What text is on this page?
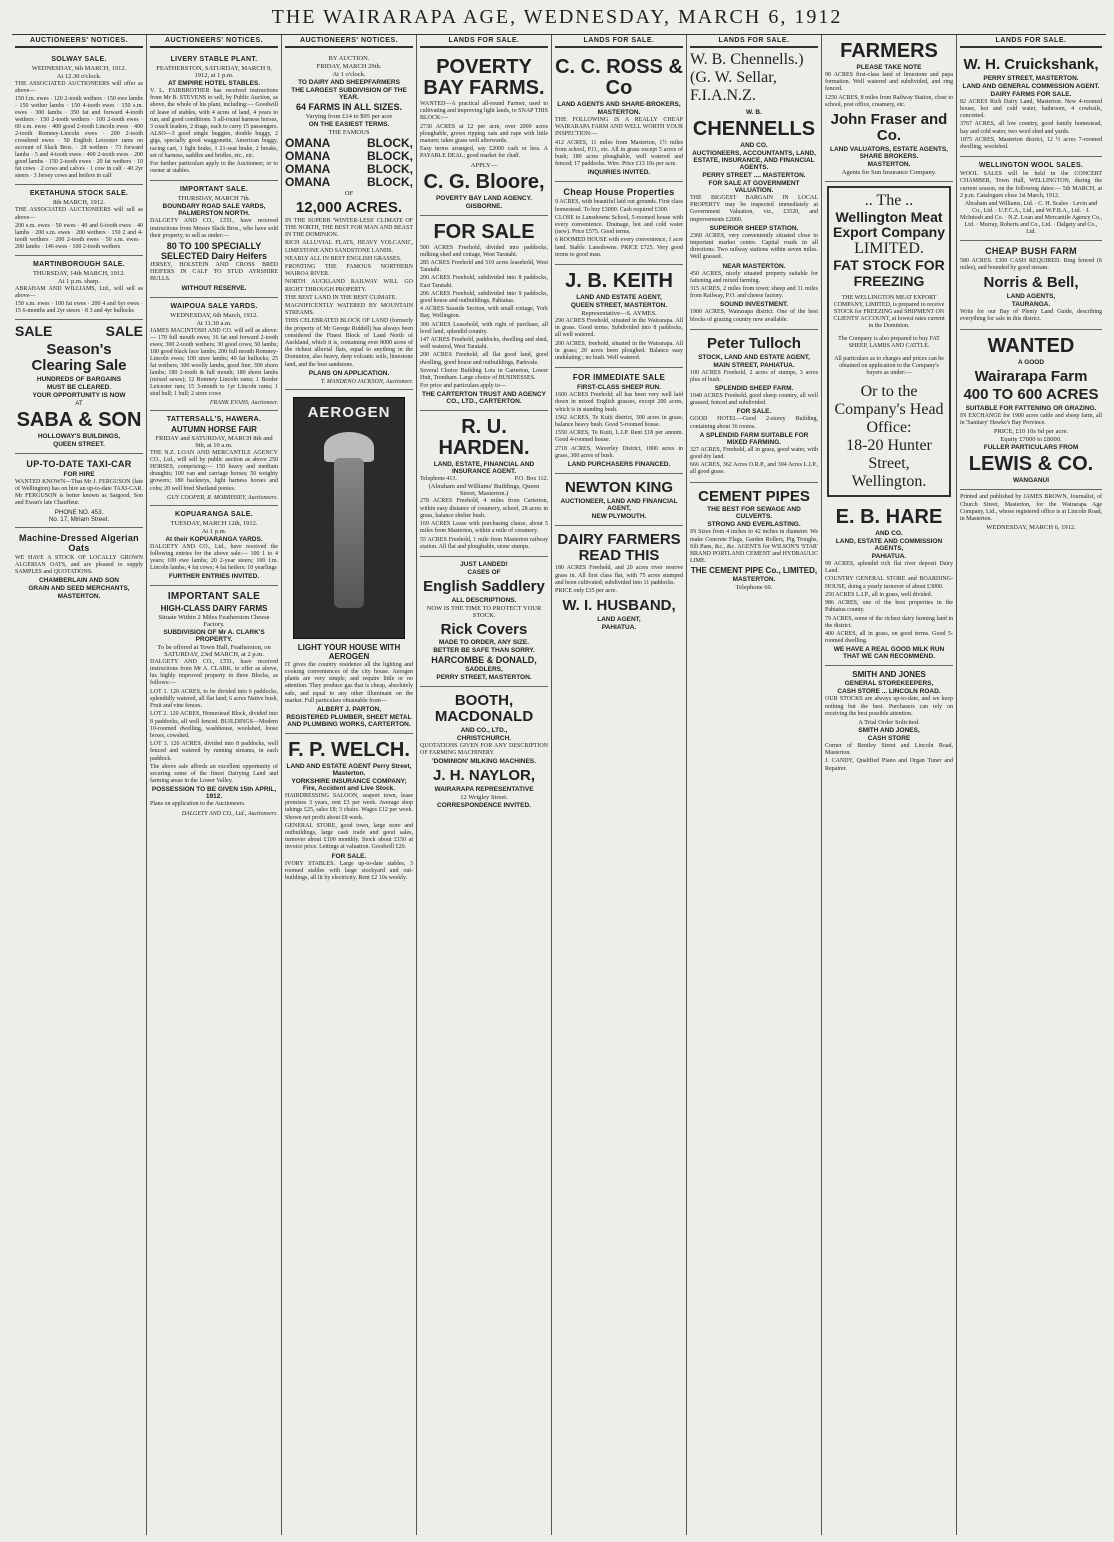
THE WAIRARAPA AGE, WEDNESDAY, MARCH 6, 1912
AUCTIONEERS' NOTICES.
SOLWAY SALE.
WEDNESDAY, 6th MARCH, 1912.
At 12.30 o'clock.

THE ASSOCIATED AUCTIONEERS will offer as above—

150 f.m. ewes · 120 2-tooth wethers · 150 ewe lambs · 150 wether lambs · 150 4-tooth ewes · 150 s.m. ewes · 300 lambs · 350 fat and forward 4-tooth wethers · 150 2-tooth wethers · 100 2-tooth ewes · 60 s.m. ewes · 400 good 2-tooth Lincoln ewes · 400 2-tooth Romney-Lincoln ewes · 200 2-tooth crossbred ewes · 50 English Leicester rams on account of Slack Bros. · 28 wethers · 73 forward lambs · 5 and 4-tooth ewes · 400 2-tooth ewes · 200 good lambs · 150 2-tooth ewes · 20 fat wethers · 10 fat cows · 2 cows and calves · 1 cow in calf · 40 2yr steers · 3 Jersey cows and heifers in calf

EKETAHUNA STOCK SALE.
8th MARCH, 1912.

THE ASSOCIATED AUCTIONEERS will sell as above—

200 s.m. ewes · 50 ewes · 40 and 6-tooth ewes · 40 lambs · 200 s.m. ewes · 200 wethers · 150 2 and 4-tooth wethers · 200 2-tooth ewes · 50 s.m. ewes · 200 lambs · 146 ewes · 100 2-tooth wethers

MARTINBOROUGH SALE.
THURSDAY, 14th MARCH, 1912.
At 1 p.m. sharp.

ABRAHAM AND WILLIAMS, Ltd., will sell as above—

150 s.m. ewes · 100 fat ewes · 200 4 and 6yr ewes · 15 6-months and 2yr steers · 8 3 and 4yr bullocks

SALE	SALE
Season's Clearing Sale
HUNDREDS OF BARGAINS
MUST BE CLEARED.
YOUR OPPORTUNITY IS NOW
AT
SABA & SON
HOLLOWAY'S BUILDINGS,
QUEEN STREET.
UP-TO-DATE TAXI-CAR
FOR HIRE

WANTED KNOWN—That Mr J. FERGUSON (late of Wellington) has on hire an up-to-date TAXI-CAR. Mr FERGUSON is better known as Sargood, Son and Ewan's late Chauffeur.

PHONE NO. 453.
No. 17, Miriam Street.
Machine-Dressed Algerian Oats

WE HAVE A STOCK OF LOCALLY GROWN ALGERIAN OATS, and are pleased to supply SAMPLES and QUOTATIONS.

CHAMBERLAIN AND SON
GRAIN AND SEED MERCHANTS,
MASTERTON.
AUCTIONEERS' NOTICES.
LIVERY STABLE PLANT.
FEATHERSTON, SATURDAY, MARCH 9, 1912, at 1 p.m.
AT EMPIRE HOTEL STABLES.

V. L. FAIRBROTHER has received instructions from Mr B. STEVENS to sell, by Public Auction, as above, the whole of his plant, including:— Goodwill of lease of stables, with 4 acres of land, 4 years to run, and good conditions. 5 all-round harness horses, 3 coach leaders, 2 drags, each to carry 15 passengers. ALSO—3 good single buggies, double buggy, 2 gigs, specially good waggonette, American buggy, racing cart, 1 light brake, 1 21-seat brake, 2 breaks, set of harness, saddles and bridles, etc., etc.

For further particulars apply to the Auctioneer, or to owner at stables.

IMPORTANT SALE.
THURSDAY, MARCH 7th.
BOUNDARY ROAD SALE YARDS, PALMERSTON NORTH.

DALGETY AND CO., LTD., have received instructions from Messrs Slack Bros., who have sold their property, to sell as under:—

80 TO 100 SPECIALLY SELECTED Dairy Heifers

JERSEY, HOLSTEIN AND CROSS BRED HEIFERS IN CALF TO STUD AYRSHIRE BULLS.

WITHOUT RESERVE.
WAIPOUA SALE YARDS.
WEDNESDAY, 6th March, 1912.
At 11.30 a.m.

JAMES MACINTOSH AND CO. will sell as above:— 170 full mouth ewes; 16 fat and forward 2-tooth ewes; 300 2-tooth wethers; 30 good cows; 50 lambs; 180 good black face lambs; 200 full mouth Romney-Lincoln ewes; 100 store lambs; 40 fat bullocks; 25 fat wethers; 300 woolly lambs, good line; 300 shorn lambs; 180 2-tooth & full mouth; 180 shorn lambs (mixed sexes); 12 Romney Lincoln rams; 1 Border Leicester ram; 15 3-month to 1yr Lincoln rams; 1 stud bull; 1 bull; 2 store cows

FRANK EVANS, Auctioneer.
TATTERSALL'S, HAWERA.
AUTUMN HORSE FAIR
FRIDAY and SATURDAY, MARCH 8th and 9th, at 10 a.m.

THE N.Z. LOAN AND MERCANTILE AGENCY CO., Ltd., will sell by public auction as above 250 HORSES, comprising:— 150 heavy and medium draughts; 100 van and carriage horses; 50 weighty growers; 180 hackneys, light harness horses and cobs; 20 well bred Shetland ponies.

GUY COOPER, R. MORRISSEY, Auctioneers.
KOPUARANGA SALE.
TUESDAY, MARCH 12th, 1912.
At 1 p.m.
At their KOPUARANGA YARDS.

DALGETY AND CO., Ltd., have received the following entries for the above sale:— 100 1 to 4 years; 100 ewe lambs; 20 2-year steers; 100 f.m. Lincoln lambs; 4 fat cows; 4 fat heifers; 10 yearlings

FURTHER ENTRIES INVITED.
IMPORTANT SALE
HIGH-CLASS DAIRY FARMS
Situate Within 2 Miles Featherston Cheese Factory.
SUBDIVISION OF Mr A. CLARK'S PROPERTY.
To be offered at Town Hall, Featherston, on SATURDAY, 23rd MARCH, at 2 p.m.

DALGETY AND CO., LTD., have received instructions from Mr A. CLARK, to offer as above, his highly improved property in three Blocks, as follows:—

LOT 1. 120 ACRES, to be divided into 6 paddocks, splendidly watered, all flat land, 6 acres Native bush, Fruit and vine fences.

LOT 2. 120 ACRES, Homestead Block, divided into 8 paddocks, all well fenced. BUILDINGS—Modern 10-roomed dwelling, washhouse, woolshed, loose boxes, cowshed.

LOT 3. 120 ACRES, divided into 8 paddocks, well fenced and watered by running streams, in each paddock.

The above sale affords an excellent opportunity of securing some of the finest Dairying Land and farming areas in the Lower Valley.

POSSESSION TO BE GIVEN 15th APRIL, 1912.

Plans on application to the Auctioneers.

DALGETY AND CO., Ltd., Auctioneers.
AUCTIONEERS' NOTICES.
BY AUCTION.
FRIDAY, MARCH 29th.
At 1 o'clock.
TO DAIRY AND SHEEPFARMERS
THE LARGEST SUBDIVISION OF THE YEAR.
64 FARMS IN ALL SIZES.
Varying from £14 to $95 per acre
ON THE EASIEST TERMS.
THE FAMOUS
OMANA	BLOCK,
OMANA	BLOCK,
OMANA	BLOCK,
OMANA	BLOCK,
OF
12,000 ACRES.

IN THE SUPERB 'WINTER-LESS' CLIMATE OF THE NORTH, THE BEST FOR MAN AND BEAST IN THE DOMINION.

RICH ALLUVIAL FLATS, HEAVY VOLCANIC, LIMESTONE AND SANDSTONE LANDS.

NEARLY ALL IN BEST ENGLISH GRASSES.

FRONTING THE FAMOUS NORTHERN WAIROA RIVER.

NORTH AUCKLAND RAILWAY WILL GO RIGHT THROUGH PROPERTY.

THE BEST LAND IN THE BEST CLIMATE.

MAGNIFICENTLY WATERED BY MOUNTAIN STREAMS.

THIS CELEBRATED BLOCK OF LAND (formerly the property of Mr George Riddell) has always been considered the Finest Block of Land North of Auckland, which it is, containing over 8000 acres of the richest alluvial flats, equal to anything in the Dominion, also heavy, deep volcanic soils, limestone land, and the best sandstone.

PLANS ON APPLICATION.
T. MANDENO JACKSON, Auctioneer.
AEROGEN
LIGHT YOUR HOUSE WITH AEROGEN

IT gives the country residence all the lighting and cooking conveniences of the city house. Aerogen plants are very simple, and require little or no attention. They produce gas that is cheap, absolutely safe, and equal to any other illuminant on the market. Full particulars obtainable from—

ALBERT J. PARTON,
REGISTERED PLUMBER, SHEET METAL AND PLUMBING WORKS, CARTERTON.
F. P. WELCH.
LAND AND ESTATE AGENT Perry Street, Masterton.
YORKSHIRE INSURANCE COMPANY; Fire, Accident and Live Stock.

HAIRDRESSING SALOON, seaport town, lease premises 3 years, rent £3 per week. Average shop takings £25, sales £8; 3 chairs. Wages £12 per week. Shown net profit about £8 week.

GENERAL STORE, good town, large store and outbuildings, large cash trade and good sales, turnover about £100 monthly. Stock about £150 at invoice price. Lettings at valuation. Goodwill £20.

FOR SALE.

IVORY STABLES. Large up-to-date stables, 3 roomed stables with large stockyard and out-buildings, all lit by electricity. Rent £2 10s weekly.

LANDS FOR SALE.
POVERTY BAY FARMS.

WANTED—A practical all-round Farmer, used to cultivating and improving light lands, to SNAP THIS BLOCK:—

2730 ACRES at £2 per acre, over 2000 acres ploughable, grows ripping oats and rape with little manure; takes grass well afterwards.

Easy terms arranged, say £2000 cash or less. A PAYABLE DEAL; good market for chaff.

APPLY—
C. G. Bloore,
POVERTY BAY LAND AGENCY.
GISBORNE.
FOR SALE

500 ACRES Freehold, divided into paddocks, milking shed and cottage, West Taratahi.

285 ACRES Freehold and 510 acres leasehold, West Taratahi.

200 ACRES Freehold, subdivided into 8 paddocks, East Taratahi.

206 ACRES Freehold, subdivided into 9 paddocks, good house and outbuildings, Pahiatua.

4 ACRES Seaside Section, with small cottage, York Bay, Wellington.

300 ACRES Leasehold, with right of purchase, all level land, splendid country.

147 ACRES Freehold, paddocks, dwelling and shed, well watered, West Taratahi.

200 ACRES Freehold, all flat good land, good dwelling, good house and outbuildings, Parkvale.

Several Choice Building Lots in Carterton, Lower Hutt, Trentham. Large choice of BUSINESSES.

For price and particulars apply to—

THE CARTERTON TRUST AND AGENCY CO., LTD., CARTERTON.
R. U. HARDEN.
LAND, ESTATE, FINANCIAL AND INSURANCE AGENT.
Telephone 413.	P.O. Box 112.
(Abraham and Williams' Buildings, Queen Street, Masterton.)

278 ACRES Freehold, 4 miles from Carterton, within easy distance of creamery, school, 28 acres in grass, balance shelter bush.

169 ACRES Lease with purchasing clause, about 5 miles from Masterton, within a mile of creamery.

55 ACRES Freehold, 1 mile from Masterton railway station. All flat and ploughable, stone stumps.

JUST LANDED!
CASES OF
English Saddlery
ALL DESCRIPTIONS.
NOW IS THE TIME TO PROTECT YOUR STOCK.
Rick Covers
MADE TO ORDER, ANY SIZE.
BETTER BE SAFE THAN SORRY.
HARCOMBE & DONALD,
SADDLERS,
PERRY STREET, MASTERTON.
BOOTH, MACDONALD
AND CO., LTD.,
CHRISTCHURCH.

QUOTATIONS GIVEN FOR ANY DESCRIPTION OF FARMING MACHINERY.

'DOMINION' MILKING MACHINES.
J. H. NAYLOR,
WAIRARAPA REPRESENTATIVE
12 Wrigley Street.
CORRESPONDENCE INVITED.
LANDS FOR SALE.
C. C. ROSS & Co
LAND AGENTS AND SHARE-BROKERS,
MASTERTON.

THE FOLLOWING IS A REALLY CHEAP WAIRARAPA FARM AND WELL WORTH YOUR INSPECTION:—

412 ACRES, 11 miles from Masterton, 1½ miles from school, P.O., etc. All in grass except 5 acres of bush; 180 acres ploughable, well watered and fenced; 17 paddocks. Wire. Price £13 10s per acre.

INQUIRIES INVITED.
Cheap House Properties

9 ACRES, with beautiful laid out grounds. First class homestead. To buy £3000. Cash required £300.

CLOSE to Lansdowne School, 5-roomed house with every convenience. Drainage, hot and cold water (new). Price £575. Good terms.

6 ROOMED HOUSE with every convenience, 1 acre land. Stable. Lansdowne. PRICE £725. Very good terms to good man.

J. B. KEITH
LAND AND ESTATE AGENT,
QUEEN STREET, MASTERTON.
Representative—S. AYMES.

290 ACRES Freehold, situated in the Wairarapa. All in grass. Good terms. Subdivided into 8 paddocks, all well watered.

200 ACRES, freehold, situated in the Wairarapa. All in grass; 20 acres been ploughed. Balance easy undulating ; no bush. Well watered.

FOR IMMEDIATE SALE
FIRST-CLASS SHEEP RUN.

1600 ACRES Freehold; all has been very well laid down in mixed English grasses, except 200 acres, which is in standing bush.

1562 ACRES, Te Kuiti district, 300 acres in grass; balance heavy bush. Good 5-roomed house.

1550 ACRES, Te Kuiti, L.I.P. Rent £18 per annum. Good 4-roomed house.

2718 ACRES, Waverley District, 1800 acres in grass, 300 acres of bush.

LAND PURCHASERS FINANCED.
NEWTON KING
AUCTIONEER, LAND AND FINANCIAL AGENT,
NEW PLYMOUTH.
DAIRY FARMERS READ THIS

180 ACRES Freehold, and 20 acres river reserve grass in. All first class flat, with 75 acres stumped and been cultivated; subdivided into 11 paddocks.

PRICE only £35 per acre.

W. I. HUSBAND,
LAND AGENT,
PAHIATUA.
LANDS FOR SALE.
W. B. Chennells.) (G. W. Sellar, F.I.A.N.Z.
W. B.
CHENNELLS
AND CO.
AUCTIONEERS, ACCOUNTANTS, LAND, ESTATE, INSURANCE, AND FINANCIAL AGENTS.
PERRY STREET .... MASTERTON.
FOR SALE AT GOVERNMENT VALUATION.

THE BIGGEST BARGAIN IN LOCAL PROPERTY may be inspected immediately at Government Valuation, viz., £3520, and improvements £2000.

SUPERIOR SHEEP STATION.

2360 ACRES, very conveniently situated close to important market centre. Capital roads in all directions. Two railway stations within seven miles. Well grassed.

NEAR MASTERTON.

450 ACRES, nicely situated property suitable for fattening and mixed farming.

315 ACRES, 2 miles from town; sheep and 11 miles from Railway, P.O. and cheese factory.

SOUND INVESTMENT.

1900 ACRES, Wairarapa district. One of the best blocks of grazing country now available.

Peter Tulloch
STOCK, LAND AND ESTATE AGENT,
MAIN STREET, PAHIATUA.

100 ACRES Freehold, 2 acres of stumps, 3 acres plus of bush.

SPLENDID SHEEP FARM.

1040 ACRES Freehold, good sheep country, all well grassed, fenced and subdivided.

FOR SALE.

GOOD HOTEL—Good 2-storey Building, containing about 16 rooms.

A SPLENDID FARM SUITABLE FOR MIXED FARMING.

327 ACRES, Freehold, all in grass, good water, with good dry land.

666 ACRES, 362 Acres O.R.P., and 304 Acres L.I.P., all good grass.

CEMENT PIPES
THE BEST FOR SEWAGE AND CULVERTS.
STRONG AND EVERLASTING.

IN Sizes from 4 inches to 42 inches in diameter. We make Concrete Flags, Garden Rollers, Pig Troughs, Silt Pans, &c., &c. AGENTS for WILSON'S 'STAR' BRAND PORTLAND CEMENT and HYDRAULIC LIME.

THE CEMENT PIPE Co., LIMITED,
MASTERTON.
Telephone 60.
FARMERS
PLEASE TAKE NOTE

90 ACRES first-class land of limestone and papa formation. Well watered and subdivided, and ring fenced.

1250 ACRES, 8 miles from Railway Station, close to school, post office, creamery, etc.

John Fraser and Co.
LAND VALUATORS, ESTATE AGENTS, SHARE BROKERS.
MASTERTON.
Agents for Sun Insurance Company.
.. The ..
Wellington Meat Export Company
LIMITED.
FAT STOCK FOR FREEZING

THE WELLINGTON MEAT EXPORT COMPANY, LIMITED, is prepared to receive STOCK for FREEZING and SHIPMENT ON CLIENTS' ACCOUNT, at lowest rates current in the Dominion.

The Company is also prepared to buy FAT SHEEP, LAMBS AND CATTLE.

All particulars as to charges and prices can be obtained on application to the Company's buyers as under:—

Or to the Company's Head Office:
18-20 Hunter Street, Wellington.
E. B. HARE
AND CO.
LAND, ESTATE AND COMMISSION AGENTS,
PAHIATUA.

99 ACRES, splendid rich flat river deposit Dairy Land.

COUNTRY GENERAL STORE and BOARDING-HOUSE, doing a yearly turnover of about £3000.

250 ACRES L.I.P., all in grass, well divided.

986 ACRES, one of the best properties in the Pahiatua county.

79 ACRES, some of the richest dairy farming land in the district.

400 ACRES, all in grass, on good terms. Good 5-roomed dwelling.

WE HAVE A REAL GOOD MILK RUN THAT WE CAN RECOMMEND.
SMITH AND JONES
GENERAL STOREKEEPERS,
CASH STORE ... LINCOLN ROAD.

OUR STOCKS are always up-to-date, and we keep nothing but the best. Purchasers can rely on receiving the best possible attention.

A Trial Order Solicited.
SMITH AND JONES,
CASH STORE

Corner of Bentley Street and Lincoln Road, Masterton.

J. CANDY, Qualified Piano and Organ Tuner and Repairer.

LANDS FOR SALE.
W. H. Cruickshank,
PERRY STREET, MASTERTON.
LAND AND GENERAL COMMISSION AGENT.
DAIRY FARMS FOR SALE.

82 ACRES Rich Dairy Land, Masterton. New 4-roomed house, hot and cold water, bathroom, 4 cowbails, concreted.

3767 ACRES, all low country, good family homestead, hay and cold water, two wool shed and yards.

1875 ACRES, Masterton district, 12 ½ acres 7-roomed dwelling, woolshed.

WELLINGTON WOOL SALES.

WOOL SALES will be held in the CONCERT CHAMBER, Town Hall, WELLINGTON, during the current season, on the following dates:— 5th MARCH, at 2 p.m. Catalogues close 1st March, 1912.

Abraham and Williams, Ltd. · C. H. Scales · Levin and Co., Ltd. · U.F.C.A., Ltd., and W.F.B.A., Ltd. · J. McIntosh and Co. · N.Z. Loan and Mercantile Agency Co., Ltd. · Murray, Roberts and Co., Ltd. · Dalgety and Co., Ltd.

CHEAP BUSH FARM

580 ACRES. £300 CASH REQUIRED. Ring fenced (6 miles), and bounded by good stream.

Norris & Bell,
LAND AGENTS,
TAURANGA.

Write for our Bay of Plenty Land Guide, describing everything for sale in this district.

WANTED
A GOOD
Wairarapa Farm
400 TO 600 ACRES
SUITABLE FOR FATTENING OR GRAZING.

IN EXCHANGE for 1900 acres cattle and sheep farm, all in 'Sanitary' Hawke's Bay Province.

PRICE, £10 10s 6d per acre.
Equity £7000 to £8000.
FULLER PARTICULARS FROM
LEWIS & CO.
WANGANUI

Printed and published by JAMES BROWN, Journalist, of Church Street, Masterton, for the Wairarapa Age Company, Ltd., whose registered office is at Lincoln Road, in Masterton.

WEDNESDAY, MARCH 6, 1912.
